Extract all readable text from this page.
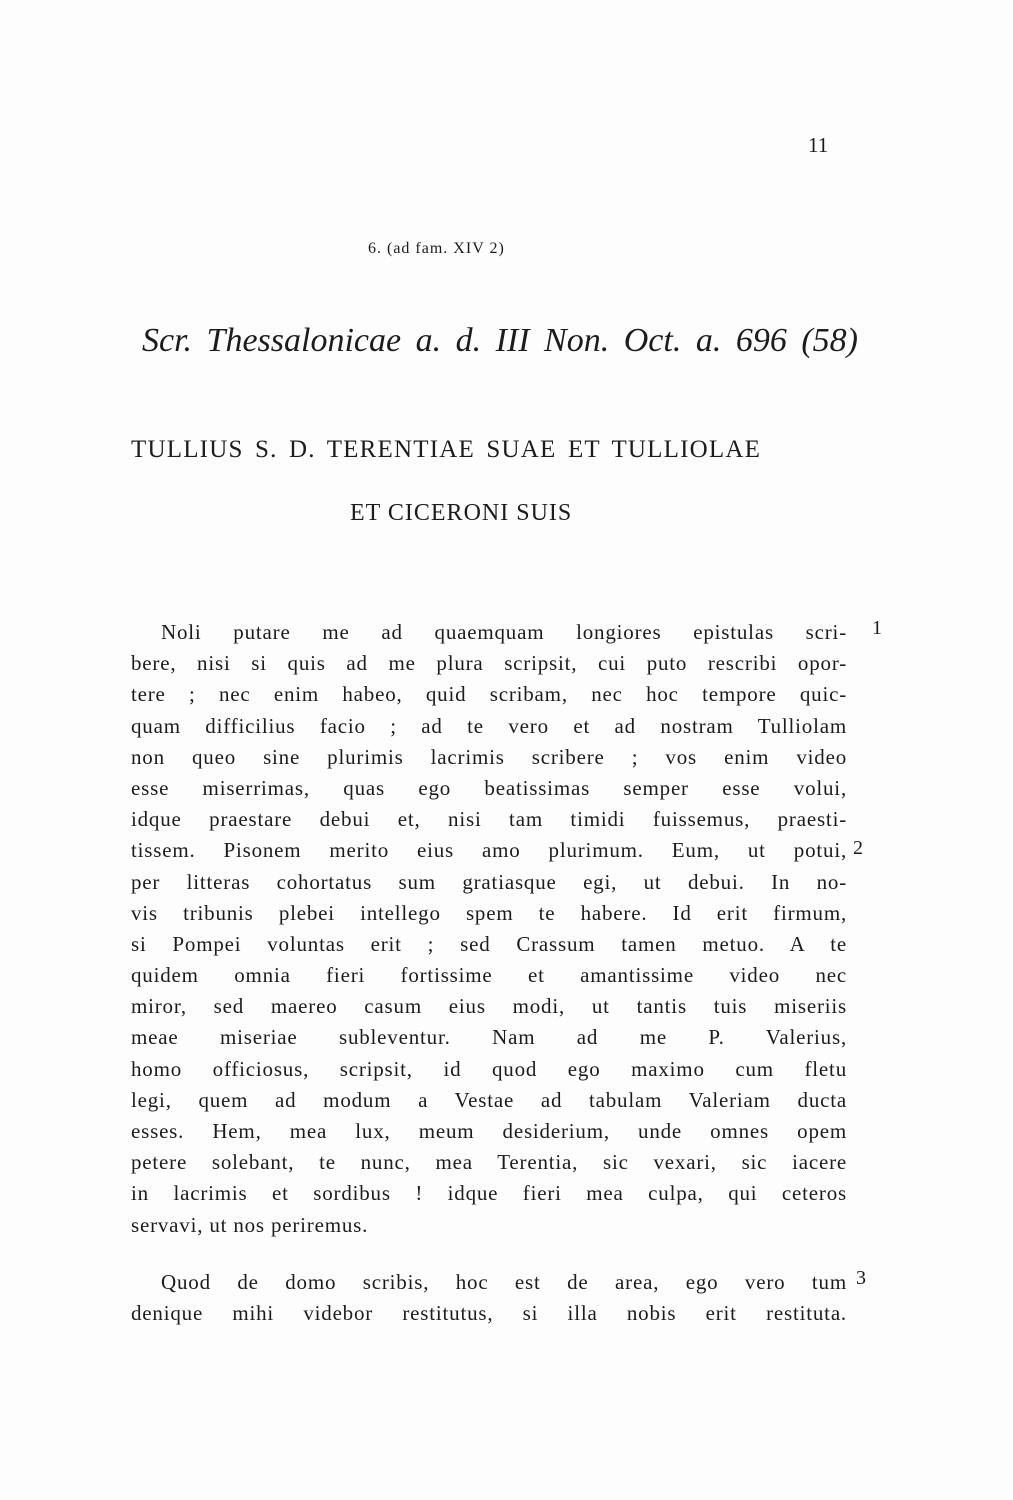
11
6. (ad fam. XIV 2)
Scr. Thessalonicae a. d. III Non. Oct. a. 696 (58)
TULLIUS S. D. TERENTIAE SUAE ET TULLIOLAE
ET CICERONI SUIS
Noli putare me ad quaemquam longiores epistulas scri-
bere, nisi si quis ad me plura scripsit, cui puto rescribi opor-
tere ; nec enim habeo, quid scribam, nec hoc tempore quic-
quam difficilius facio ; ad te vero et ad nostram Tulliolam
non queo sine plurimis lacrimis scribere ; vos enim video
esse miserrimas, quas ego beatissimas semper esse volui,
idque praestare debui et, nisi tam timidi fuissemus, praesti-
tissem. Pisonem merito eius amo plurimum. Eum, ut potui,
per litteras cohortatus sum gratiasque egi, ut debui. In no-
vis tribunis plebei intellego spem te habere. Id erit firmum,
si Pompei voluntas erit ; sed Crassum tamen metuo. A te
quidem omnia fieri fortissime et amantissime video nec
miror, sed maereo casum eius modi, ut tantis tuis miseriis
meae miseriae subleventur. Nam ad me P. Valerius,
homo officiosus, scripsit, id quod ego maximo cum fletu
legi, quem ad modum a Vestae ad tabulam Valeriam ducta
esses. Hem, mea lux, meum desiderium, unde omnes opem
petere solebant, te nunc, mea Terentia, sic vexari, sic iacere
in lacrimis et sordibus ! idque fieri mea culpa, qui ceteros
servavi, ut nos periremus.
Quod de domo scribis, hoc est de area, ego vero tum
denique mihi videbor restitutus, si illa nobis erit restituta.
1
2
3
